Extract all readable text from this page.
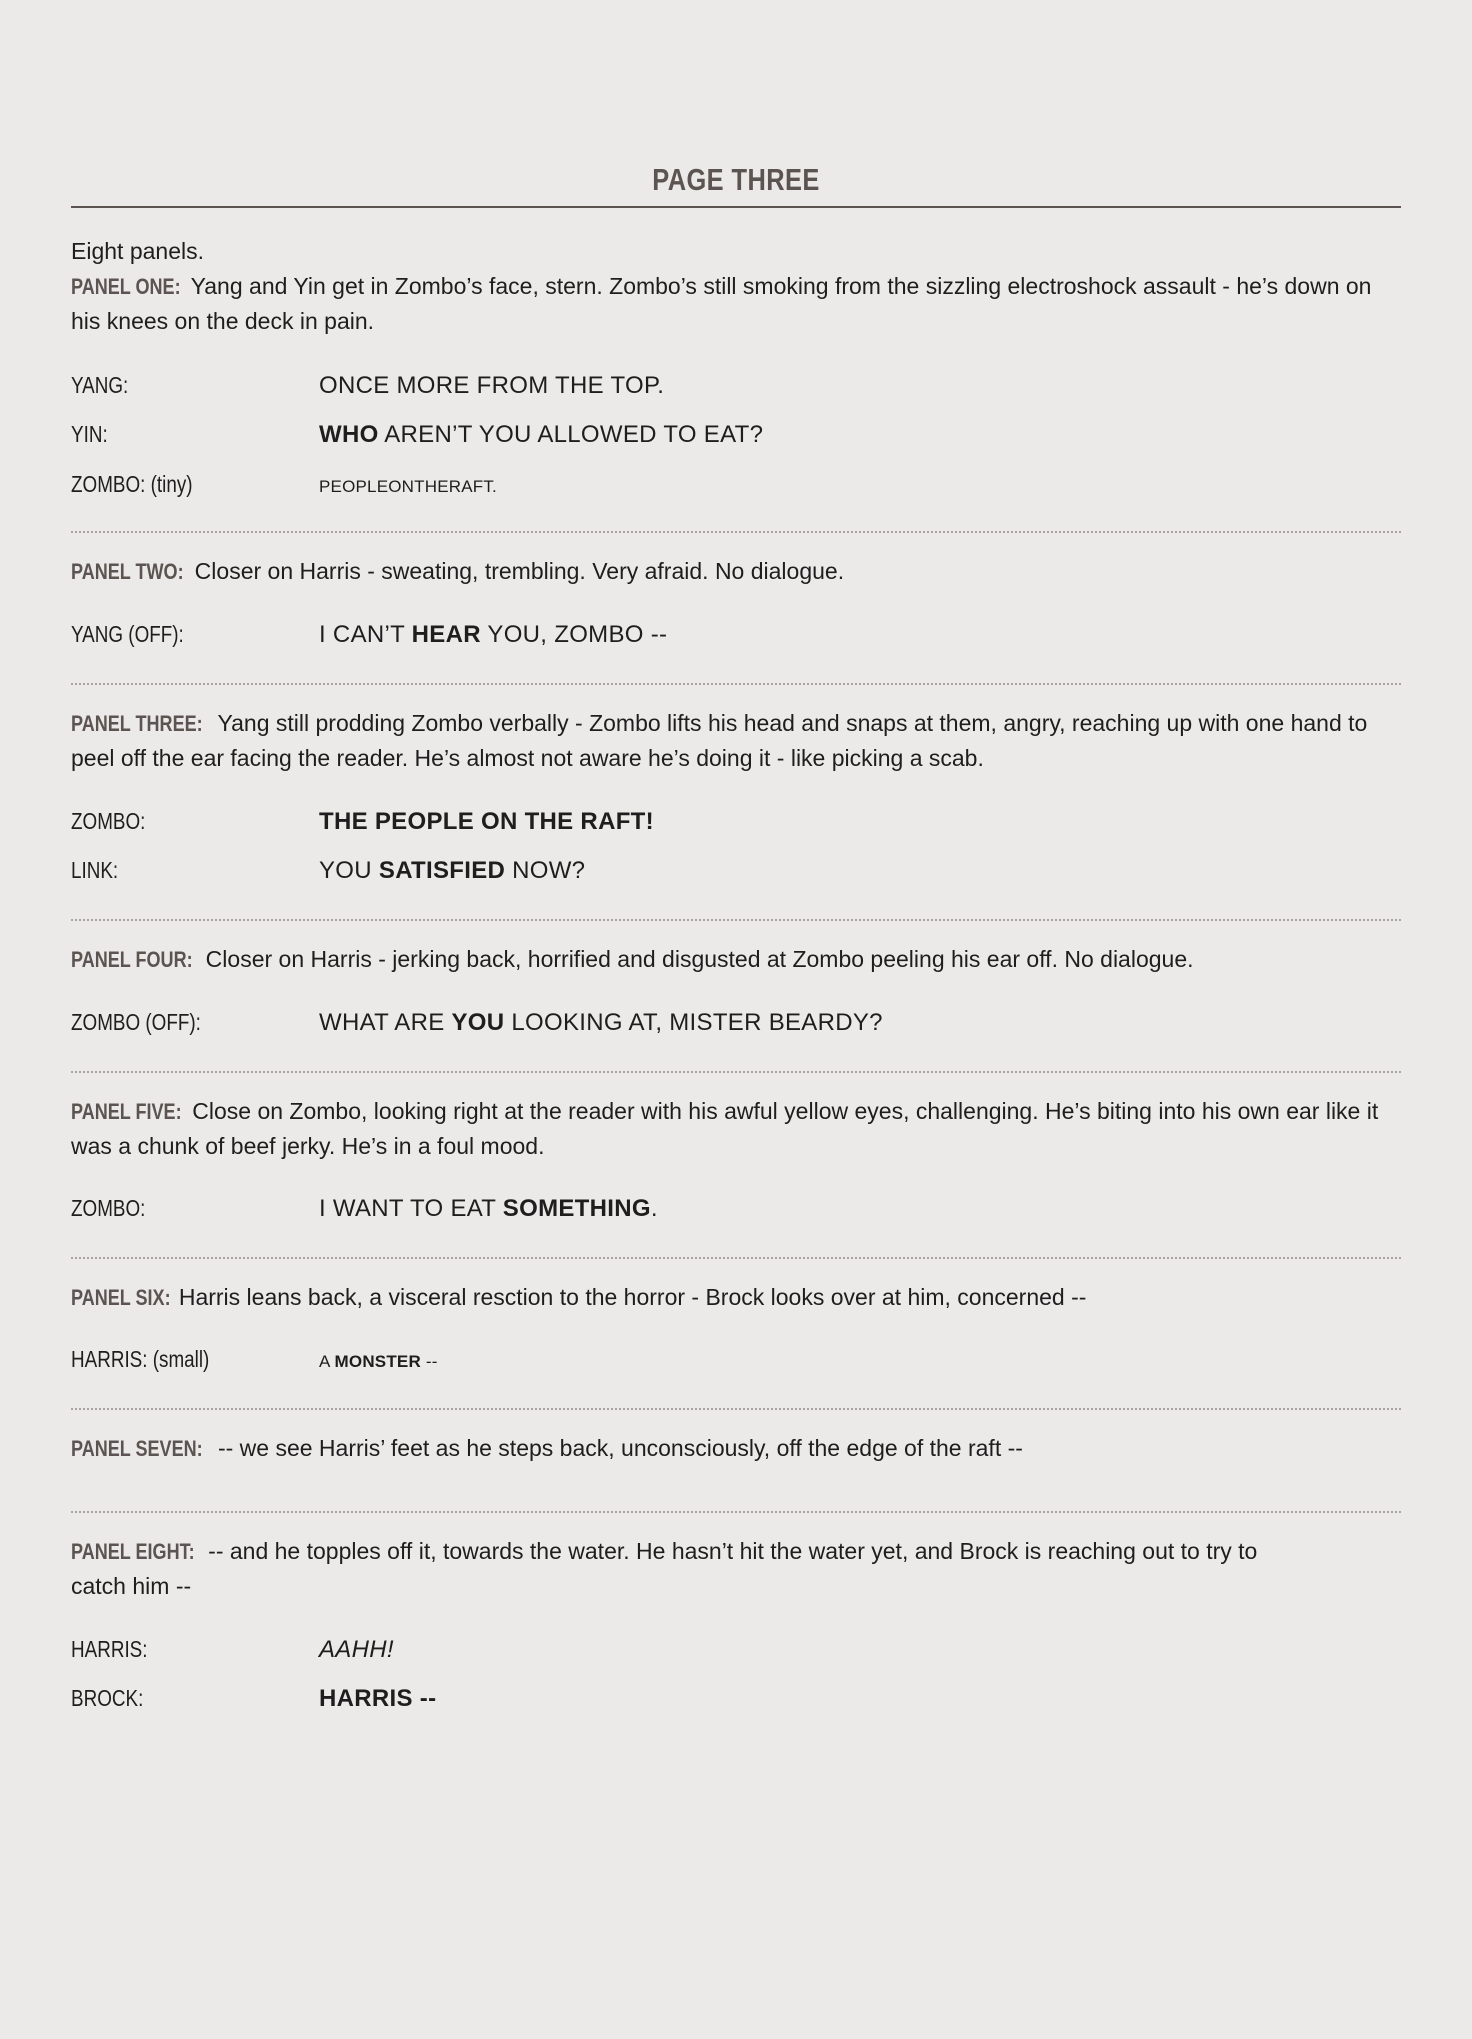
PAGE THREE
Eight panels.
PANEL ONE: Yang and Yin get in Zombo’s face, stern. Zombo’s still smoking from the sizzling electroshock assault - he’s down on his knees on the deck in pain.
YANG:	ONCE MORE FROM THE TOP.
YIN:	WHO AREN’T YOU ALLOWED TO EAT?
ZOMBO: (tiny)	PEOPLEONTHERAFT.
PANEL TWO: Closer on Harris - sweating, trembling. Very afraid. No dialogue.
YANG (OFF):	I CAN’T HEAR YOU, ZOMBO --
PANEL THREE: Yang still prodding Zombo verbally - Zombo lifts his head and snaps at them, angry, reaching up with one hand to peel off the ear facing the reader. He’s almost not aware he’s doing it - like picking a scab.
ZOMBO:	THE PEOPLE ON THE RAFT!
LINK:	YOU SATISFIED NOW?
PANEL FOUR: Closer on Harris - jerking back, horrified and disgusted at Zombo peeling his ear off. No dialogue.
ZOMBO (OFF):	WHAT ARE YOU LOOKING AT, MISTER BEARDY?
PANEL FIVE: Close on Zombo, looking right at the reader with his awful yellow eyes, challenging. He’s biting into his own ear like it was a chunk of beef jerky. He’s in a foul mood.
ZOMBO:	I WANT TO EAT SOMETHING.
PANEL SIX: Harris leans back, a visceral resction to the horror - Brock looks over at him, concerned --
HARRIS: (small)	A MONSTER --
PANEL SEVEN: -- we see Harris’ feet as he steps back, unconsciously, off the edge of the raft --
PANEL EIGHT: -- and he topples off it, towards the water. He hasn’t hit the water yet, and Brock is reaching out to try to
catch him --
HARRIS:	AAHH!
BROCK:	HARRIS --
